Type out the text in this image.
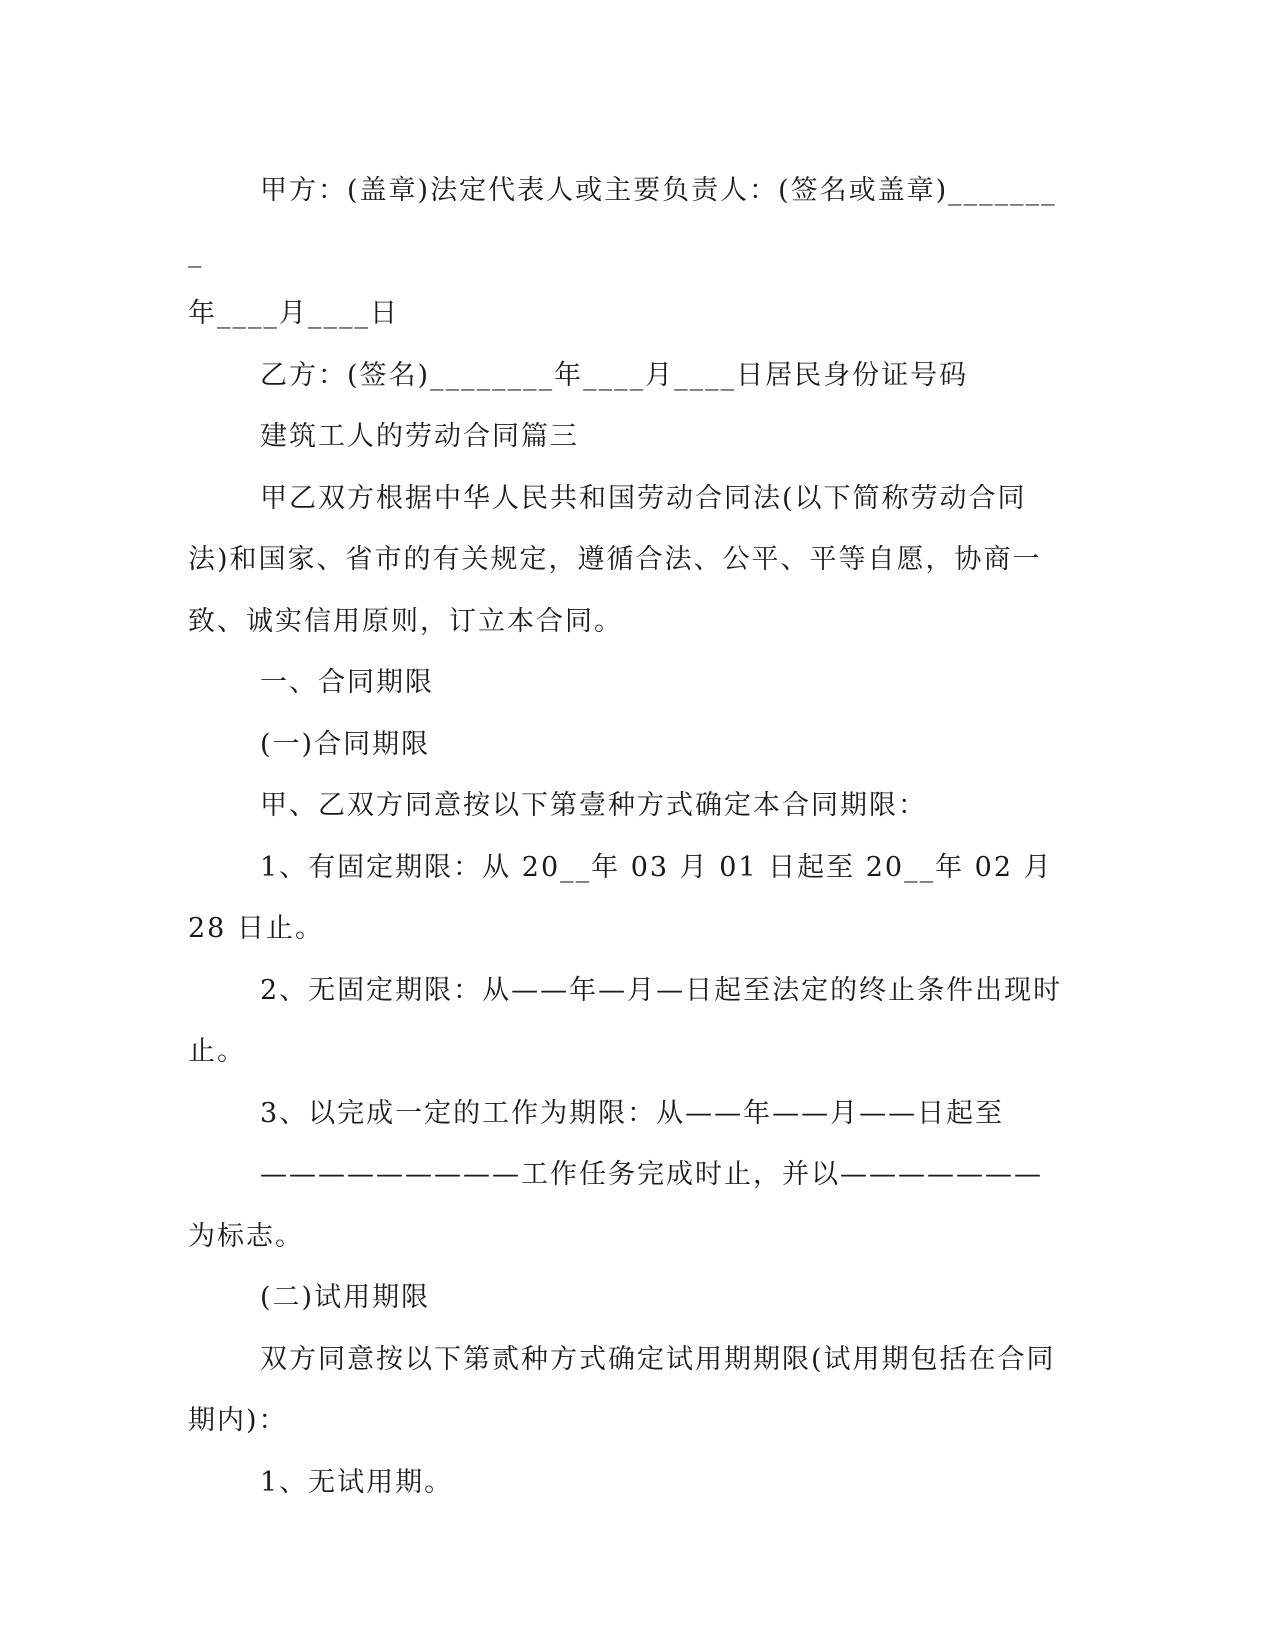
甲方：(盖章)法定代表人或主要负责人：(签名或盖章)________

年____月____日

乙方：(签名)________年____月____日居民身份证号码

建筑工人的劳动合同篇三

甲乙双方根据中华人民共和国劳动合同法(以下简称劳动合同法)和国家、省市的有关规定，遵循合法、公平、平等自愿，协商一致、诚实信用原则，订立本合同。

一、合同期限

(一)合同期限

甲、乙双方同意按以下第壹种方式确定本合同期限：

1、有固定期限：从 20__年 03 月 01 日起至 20__年 02 月 28 日止。

2、无固定期限：从——年—月—日起至法定的终止条件出现时止。

3、以完成一定的工作为期限：从——年——月——日起至

—————————工作任务完成时止，并以———————为标志。

(二)试用期限

双方同意按以下第贰种方式确定试用期期限(试用期包括在合同期内)：

1、无试用期。
